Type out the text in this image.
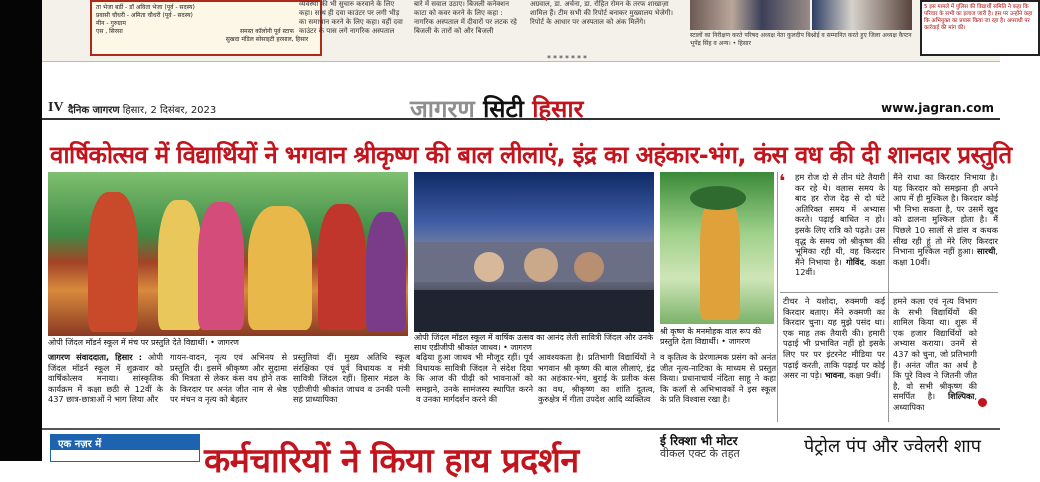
ता भेजा बर्डी - डॉ अविता भेजा (पूर्व - सदस्य)
प्रवासी चौधरी - अमिता चौधरी (पूर्व - सदस्य)
मीन - गुरुग्राम
एस , सिरसा	समस्त कॉलोनी पूर्व स्टाफ
सुखदा मंडिल सोसाइटी हरसाल, हिसार
व्यवस्था की भी सुचारु करवाने के लिए कहा। साथ ही दवा काउंटर पर लगी भीड़ का समाधान करने के लिए कहा। वहीं दवा काउंटर के पास लगे नागरिक अस्पताल
बारे में सवाल उठाए। बिजली कनेक्शन काटा को कवर करने के लिए कहा : नागरिक अस्पताल में दीवारों पर लटक रहे बिजली के तारों को और बिजली
अग्रवाल, डा. अर्चना, डा. रोहित रोमन के तरफ शाखाज़ा शामिल हैं। टीम सभी की रिपोर्ट बनाकर मुख्यालय भेजेगी। रिपोर्ट के आधार पर अस्पताल को अंक मिलेंगे।
*******
स्टालों का निरीक्षण करते परिषद अध्यक्ष नेता कुलदीप बिश्नोई व सम्मानित करते हुए जिला अध्यक्ष कैप्टन भूपेंद्र सिंह व अन्य। • हिसार
5 इस मामले में पुलिस की विद्यार्थी समिति ने कहा कि परिवार के सभी का इलाज जारी है। इस पर उन्होंने कहा कि अभियुक्त का प्रयास किया जा रहा है। अपराधी पर कार्रवाई की मांग की।
IV दैनिक जागरण हिसार, 2 दिसंबर, 2023	जागरण सिटी हिसार	www.jagran.com
वार्षिकोत्सव में विद्यार्थियों ने भगवान श्रीकृष्ण की बाल लीलाएं, इंद्र का अहंकार-भंग, कंस वध की दी शानदार प्रस्तुति
ओपी जिंदल मॉडर्न स्कूल में मंच पर प्रस्तुति देते विद्यार्थी। • जागरण
ओपी जिंदल मॉडल स्कूल में वार्षिक उत्सव का आनंद लेती सावित्री जिंदल और उनके साथ एडीजीपी श्रीकांत जाधव। • जागरण
श्री कृष्ण के मनमोहक वाल रूप की प्रस्तुति देता विद्यार्थी। • जागरण
जागरण संवाददाता, हिसार : ओपी जिंदल मॉडर्न स्कूल में शुक्रवार को वार्षिकोत्सव मनाया। सांस्कृतिक कार्यक्रम में कक्षा छठी से 12वीं के 437 छात्र-छात्राओं ने भाग लिया और
गायन-वादन, नृत्य एवं अभिनय से प्रस्तुति दी। इसमें श्रीकृष्ण और सुदामा की मित्रता से लेकर कंस वध होने तक के किरदार पर अनंत जीत नाम से श्रेष्ठ पर मंचन व नृत्य को बेहतर
प्रस्तुतियां दीं। मुख्य अतिथि स्कूल संरक्षिका एवं पूर्व विधायक व मंत्री सावित्री जिंदल रहीं। हिसार मंडल के एडीजीपी श्रीकांत जाधव व उनकी पत्नी सह प्राध्यापिका
बढ़िया हुआ जाधव भी मौजूद रहीं। पूर्व विधायक सावित्री जिंदल ने संदेश दिया कि आज की पीढ़ी को भावनाओं को समझने, उनके सामंजस्य स्थापित करने व उनका मार्गदर्शन करने की
आवश्यकता है। प्रतिभागी विद्यार्थियों ने भगवान श्री कृष्ण की बाल लीलाएं, इंद्र का अहंकार-भंग, बुराई के प्रतीक कंस का वध, श्रीकृष्ण का शांति दूतत्व, कुरुक्षेत्र में गीता उपदेश आदि व्यक्तित्व
व कृतित्व के प्रेरणात्मक प्रसंग को अनंत जीत नृत्य-नाटिका के माध्यम से प्रस्तुत किया। प्रधानाचार्य नंदिता साहू ने कहा कि कलाँ से अभिभावकों ने इस स्कूल के प्रति विश्वास रखा है।
❛ हम रोज दो से तीन घंटे तैयारी कर रहे थे। वलास समय के बाद हर रोज देढ़ से दो घंटे अतिरिक्त समय में अभ्यास करते। पढ़ाई बाधित न हो। इसके लिए रात्रि को पढ़ते। उस वृद्ध के समय जो श्रीकृष्ण की भूमिका रही थी, वह किरदार मैंने निभाया है। गोविंद, कक्षा 12वीं।
मैंने राधा का किरदार निभाया है। यह किरदार को समझना ही अपने आप में ही मुश्किल है। किरदार कोई भी निभा सकता है, पर उसमें खुद को ढालना मुश्किल होता है। मैं पिछले 10 सालों से डांस व कथक सीख रही हूं तो मेरे लिए किरदार निभाना मुश्किल नहीं हुआ। सारथी, कक्षा 10वीं।
टीचर ने यशोदा, रुक्मणी कई किरदार बताए। मैंने रुक्मणी का किरदार चुना। यह मुझे पसंद था। एक माह तक तैयारी की। हमारी पढ़ाई भी प्रभावित नहीं हो इसके लिए पर पर इंटरनेट मीडिया पर पढ़ाई करती, ताकि पढ़ाई पर कोई असर ना पड़े। भावना, कक्षा 9वीं।
हमने कला एवं नृत्य विभाग के सभी विद्यार्थियों की शामिल किया था। शुरू में एक हजार विद्यार्थियों को अभ्यास कराया। उनमें से 437 को चुना, जो प्रतिभागी हैं। अनंत जीत का अर्थ है कि पूरे विश्व ने जितनी जीत है, वो सभी श्रीकृष्ण की समर्पित है। शिल्पिका, अध्यापिका
एक नज़र में	कर्मचारियों ने किया हाय प्रदर्शन	ई रिक्शा भी मोटर
वीकल एक्ट के तहत	पेट्रोल पंप और ज्वेलरी शाप
